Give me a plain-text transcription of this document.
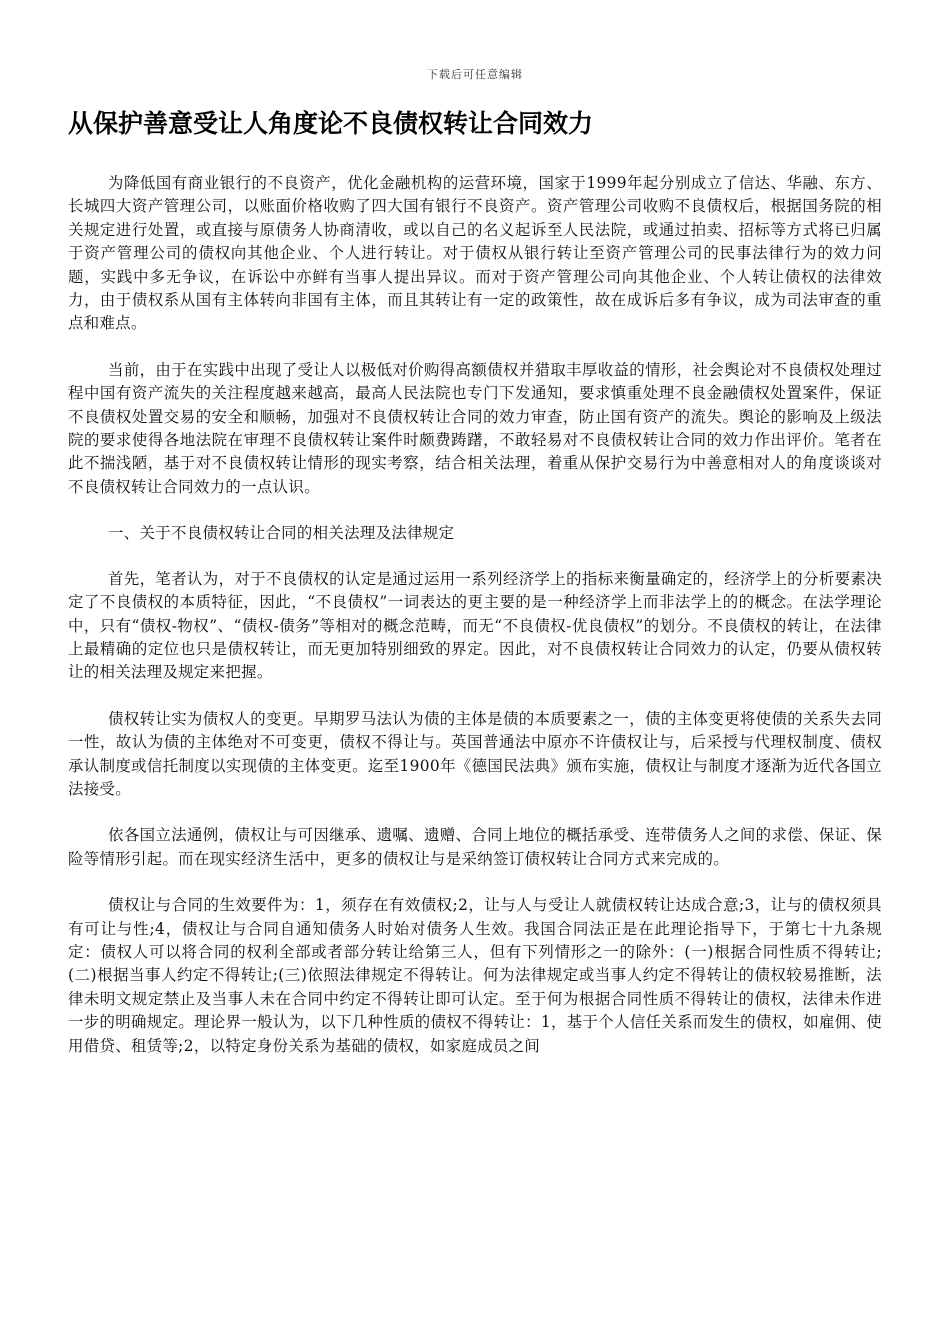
下载后可任意编辑
从保护善意受让人角度论不良债权转让合同效力

为降低国有商业银行的不良资产，优化金融机构的运营环境，国家于1999年起分别成立了信达、华融、东方、长城四大资产管理公司，以账面价格收购了四大国有银行不良资产。资产管理公司收购不良债权后，根据国务院的相关规定进行处置，或直接与原债务人协商清收，或以自己的名义起诉至人民法院，或通过拍卖、招标等方式将已归属于资产管理公司的债权向其他企业、个人进行转让。对于债权从银行转让至资产管理公司的民事法律行为的效力问题，实践中多无争议，在诉讼中亦鲜有当事人提出异议。而对于资产管理公司向其他企业、个人转让债权的法律效力，由于债权系从国有主体转向非国有主体，而且其转让有一定的政策性，故在成诉后多有争议，成为司法审查的重点和难点。

当前，由于在实践中出现了受让人以极低对价购得高额债权并猎取丰厚收益的情形，社会舆论对不良债权处理过程中国有资产流失的关注程度越来越高，最高人民法院也专门下发通知，要求慎重处理不良金融债权处置案件，保证不良债权处置交易的安全和顺畅，加强对不良债权转让合同的效力审查，防止国有资产的流失。舆论的影响及上级法院的要求使得各地法院在审理不良债权转让案件时颇费踌躇，不敢轻易对不良债权转让合同的效力作出评价。笔者在此不揣浅陋，基于对不良债权转让情形的现实考察，结合相关法理，着重从保护交易行为中善意相对人的角度谈谈对不良债权转让合同效力的一点认识。

一、关于不良债权转让合同的相关法理及法律规定

首先，笔者认为，对于不良债权的认定是通过运用一系列经济学上的指标来衡量确定的，经济学上的分析要素决定了不良债权的本质特征，因此，“不良债权”一词表达的更主要的是一种经济学上而非法学上的的概念。在法学理论中，只有“债权-物权”、“债权-债务”等相对的概念范畴，而无“不良债权-优良债权”的划分。不良债权的转让，在法律上最精确的定位也只是债权转让，而无更加特别细致的界定。因此，对不良债权转让合同效力的认定，仍要从债权转让的相关法理及规定来把握。

债权转让实为债权人的变更。早期罗马法认为债的主体是债的本质要素之一，债的主体变更将使债的关系失去同一性，故认为债的主体绝对不可变更，债权不得让与。英国普通法中原亦不许债权让与，后采授与代理权制度、债权承认制度或信托制度以实现债的主体变更。迄至1900年《德国民法典》颁布实施，债权让与制度才逐渐为近代各国立法接受。

依各国立法通例，债权让与可因继承、遗嘱、遗赠、合同上地位的概括承受、连带债务人之间的求偿、保证、保险等情形引起。而在现实经济生活中，更多的债权让与是采纳签订债权转让合同方式来完成的。

债权让与合同的生效要件为：1，须存在有效债权;2，让与人与受让人就债权转让达成合意;3，让与的债权须具有可让与性;4，债权让与合同自通知债务人时始对债务人生效。我国合同法正是在此理论指导下，于第七十九条规定：债权人可以将合同的权利全部或者部分转让给第三人，但有下列情形之一的除外：(一)根据合同性质不得转让;(二)根据当事人约定不得转让;(三)依照法律规定不得转让。何为法律规定或当事人约定不得转让的债权较易推断，法律未明文规定禁止及当事人未在合同中约定不得转让即可认定。至于何为根据合同性质不得转让的债权，法律未作进一步的明确规定。理论界一般认为，以下几种性质的债权不得转让：1，基于个人信任关系而发生的债权，如雇佣、使用借贷、租赁等;2，以特定身份关系为基础的债权，如家庭成员之间
